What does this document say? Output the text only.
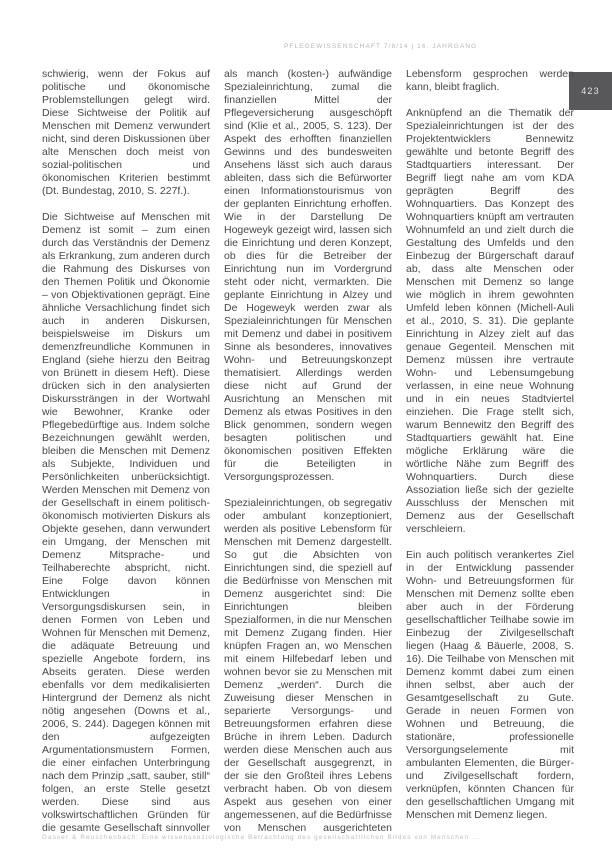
PFLEGEWISSENSCHAFT 7/8/14 | 16. JAHRGANG
423

schwierig, wenn der Fokus auf politische und ökonomische Problemstellungen gelegt wird. Diese Sichtweise der Politik auf Menschen mit Demenz verwundert nicht, sind deren Diskussionen über alte Menschen doch meist von sozial-politischen und ökonomischen Kriterien bestimmt (Dt. Bundestag, 2010, S. 227f.).

Die Sichtweise auf Menschen mit Demenz ist somit – zum einen durch das Verständnis der Demenz als Erkrankung, zum anderen durch die Rahmung des Diskurses von den Themen Politik und Ökonomie – von Objektivationen geprägt. Eine ähnliche Versachlichung findet sich auch in anderen Diskursen, beispielsweise im Diskurs um demenzfreundliche Kommunen in England (siehe hierzu den Beitrag von Brünett in diesem Heft). Diese drücken sich in den analysierten Diskurssträngen in der Wortwahl wie Bewohner, Kranke oder Pflegebedürftige aus. Indem solche Bezeichnungen gewählt werden, bleiben die Menschen mit Demenz als Subjekte, Individuen und Persönlichkeiten unberücksichtigt. Werden Menschen mit Demenz von der Gesellschaft in einem politisch-ökonomisch motivierten Diskurs als Objekte gesehen, dann verwundert ein Umgang, der Menschen mit Demenz Mitsprache- und Teilhaberechte abspricht, nicht. Eine Folge davon können Entwicklungen in Versorgungsdiskursen sein, in denen Formen von Leben und Wohnen für Menschen mit Demenz, die adäquate Betreuung und spezielle Angebote fordern, ins Abseits geraten. Diese werden ebenfalls vor dem medikalisierten Hintergrund der Demenz als nicht nötig angesehen (Downs et al., 2006, S. 244). Dagegen können mit den aufgezeigten Argumentationsmustern Formen, die einer einfachen Unterbringung nach dem Prinzip „satt, sauber, still“ folgen, an erste Stelle gesetzt werden. Diese sind aus volkswirtschaftlichen Gründen für die gesamte Gesellschaft sinnvoller als manch (kosten-) aufwändige Spezialeinrichtung, zumal die finanziellen Mittel der Pflegeversicherung ausgeschöpft sind (Klie et al., 2005, S. 123). Der Aspekt des erhofften finanziellen Gewinns und des bundesweiten Ansehens lässt sich auch daraus ableiten, dass sich die Befürworter einen Informationstourismus von der geplanten Einrichtung erhoffen. Wie in der Darstellung De Hogeweyk gezeigt wird, lassen sich die Einrichtung und deren Konzept, ob dies für die Betreiber der Einrichtung nun im Vordergrund steht oder nicht, vermarkten. Die geplante Einrichtung in Alzey und De Hogeweyk werden zwar als Spezialeinrichtungen für Menschen mit Demenz und dabei in positivem Sinne als besonderes, innovatives Wohn- und Betreuungskonzept thematisiert. Allerdings werden diese nicht auf Grund der Ausrichtung an Menschen mit Demenz als etwas Positives in den Blick genommen, sondern wegen besagten politischen und ökonomischen positiven Effekten für die Beteiligten in Versorgungsprozessen.

Spezialeinrichtungen, ob segregativ oder ambulant konzeptioniert, werden als positive Lebensform für Menschen mit Demenz dargestellt. So gut die Absichten von Einrichtungen sind, die speziell auf die Bedürfnisse von Menschen mit Demenz ausgerichtet sind: Die Einrichtungen bleiben Spezialformen, in die nur Menschen mit Demenz Zugang finden. Hier knüpfen Fragen an, wo Menschen mit einem Hilfebedarf leben und wohnen bevor sie zu Menschen mit Demenz „werden“. Durch die Zuweisung dieser Menschen in separierte Versorgungs- und Betreuungsformen erfahren diese Brüche in ihrem Leben. Dadurch werden diese Menschen auch aus der Gesellschaft ausgegrenzt, in der sie den Großteil ihres Lebens verbracht haben. Ob von diesem Aspekt aus gesehen von einer angemessenen, auf die Bedürfnisse von Menschen ausgerichteten Lebensform gesprochen werden kann, bleibt fraglich.

Anknüpfend an die Thematik der Spezialeinrichtungen ist der des Projektentwicklers Bennewitz gewählte und betonte Begriff des Stadtquartiers interessant. Der Begriff liegt nahe am vom KDA geprägten Begriff des Wohnquartiers. Das Konzept des Wohnquartiers knüpft am vertrauten Wohnumfeld an und zielt durch die Gestaltung des Umfelds und den Einbezug der Bürgerschaft darauf ab, dass alte Menschen oder Menschen mit Demenz so lange wie möglich in ihrem gewohnten Umfeld leben können (Michell-Auli et al., 2010, S. 31). Die geplante Einrichtung in Alzey zielt auf das genaue Gegenteil. Menschen mit Demenz müssen ihre vertraute Wohn- und Lebensumgebung verlassen, in eine neue Wohnung und in ein neues Stadtviertel einziehen. Die Frage stellt sich, warum Bennewitz den Begriff des Stadtquartiers gewählt hat. Eine mögliche Erklärung wäre die wörtliche Nähe zum Begriff des Wohnquartiers. Durch diese Assoziation ließe sich der gezielte Ausschluss der Menschen mit Demenz aus der Gesellschaft verschleiern.

Ein auch politisch verankertes Ziel in der Entwicklung passender Wohn- und Betreuungsformen für Menschen mit Demenz sollte eben aber auch in der Förderung gesellschaftlicher Teilhabe sowie im Einbezug der Zivilgesellschaft liegen (Haag & Bäuerle, 2008, S. 16). Die Teilhabe von Menschen mit Demenz kommt dabei zum einen ihnen selbst, aber auch der Gesamtgesellschaft zu Gute. Gerade in neuen Formen von Wohnen und Betreuung, die stationäre, professionelle Versorgungselemente mit ambulanten Elementen, die Bürger- und Zivilgesellschaft fordern, verknüpfen, könnten Chancen für den gesellschaftlichen Umgang mit Menschen mit Demenz liegen.

Gasser & Reuschenbach: Eine wissenssoziologische Betrachtung des gesellschaftlichen Bildes von Menschen ...
